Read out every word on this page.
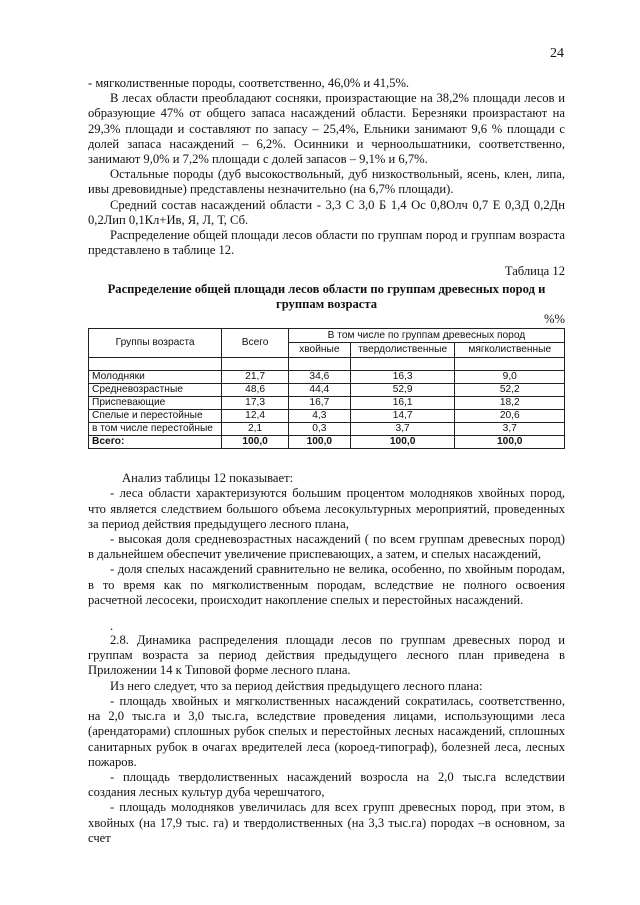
24

- мягколиственные породы, соответственно, 46,0% и 41,5%.

В лесах области преобладают сосняки, произрастающие на 38,2% площади лесов и образующие 47% от общего запаса насаждений области. Березняки произрастают на 29,3% площади и составляют по запасу – 25,4%, Ельники занимают 9,6 % площади с долей запаса насаждений – 6,2%. Осинники и черноольшатники, соответственно, занимают 9,0% и 7,2% площади с долей запасов – 9,1% и 6,7%.

Остальные породы (дуб высокоствольный, дуб низкоствольный, ясень, клен, липа, ивы древовидные) представлены незначительно (на 6,7% площади).

Средний состав насаждений области - 3,3 С 3,0 Б 1,4 Ос 0,8Олч 0,7 Е 0,3Д 0,2Дн 0,2Лип 0,1Кл+Ив, Я, Л, Т, Сб.

Распределение общей площади лесов области по группам пород и группам возраста представлено в таблице 12.

Таблица 12

Распределение общей площади лесов области по группам древесных пород и группам возраста

%%

Группы возраста	Всего	В том числе по группам древесных пород		
		хвойные	твердолиственные	мягколиственные

Молодняки	21,7	34,6	16,3	9,0
Средневозрастные	48,6	44,4	52,9	52,2
Приспевающие	17,3	16,7	16,1	18,2
Спелые и перестойные	12,4	4,3	14,7	20,6
в том числе перестойные	2,1	0,3	3,7	3,7
Всего:	100,0	100,0	100,0	100,0

Анализ таблицы 12 показывает:

- леса области характеризуются большим процентом молодняков хвойных пород, что является следствием большого объема лесокультурных мероприятий, проведенных за период действия предыдущего лесного плана,

- высокая доля средневозрастных насаждений ( по всем группам древесных пород) в дальнейшем обеспечит увеличение приспевающих, а затем, и спелых насаждений,

- доля спелых насаждений сравнительно не велика, особенно, по хвойным породам, в то время как по мягколиственным породам, вследствие не полного освоения расчетной лесосеки, происходит накопление спелых и перестойных насаждений.

.

2.8. Динамика распределения площади лесов по группам древесных пород и группам возраста за период действия предыдущего лесного план приведена в Приложении 14 к Типовой форме лесного плана.

Из него следует, что за период действия предыдущего лесного плана:

- площадь хвойных и мягколиственных насаждений сократилась, соответственно, на 2,0 тыс.га и 3,0 тыс.га, вследствие проведения лицами, использующими леса (арендаторами) сплошных рубок спелых и перестойных лесных насаждений, сплошных санитарных рубок в очагах вредителей леса (короед-типограф), болезней леса, лесных пожаров.

- площадь твердолиственных насаждений возросла на 2,0 тыс.га вследствии создания лесных культур дуба черешчатого,

- площадь молодняков увеличилась для всех групп древесных пород, при этом, в хвойных (на 17,9 тыс. га) и твердолиственных (на 3,3 тыс.га) породах –в основном, за счет
